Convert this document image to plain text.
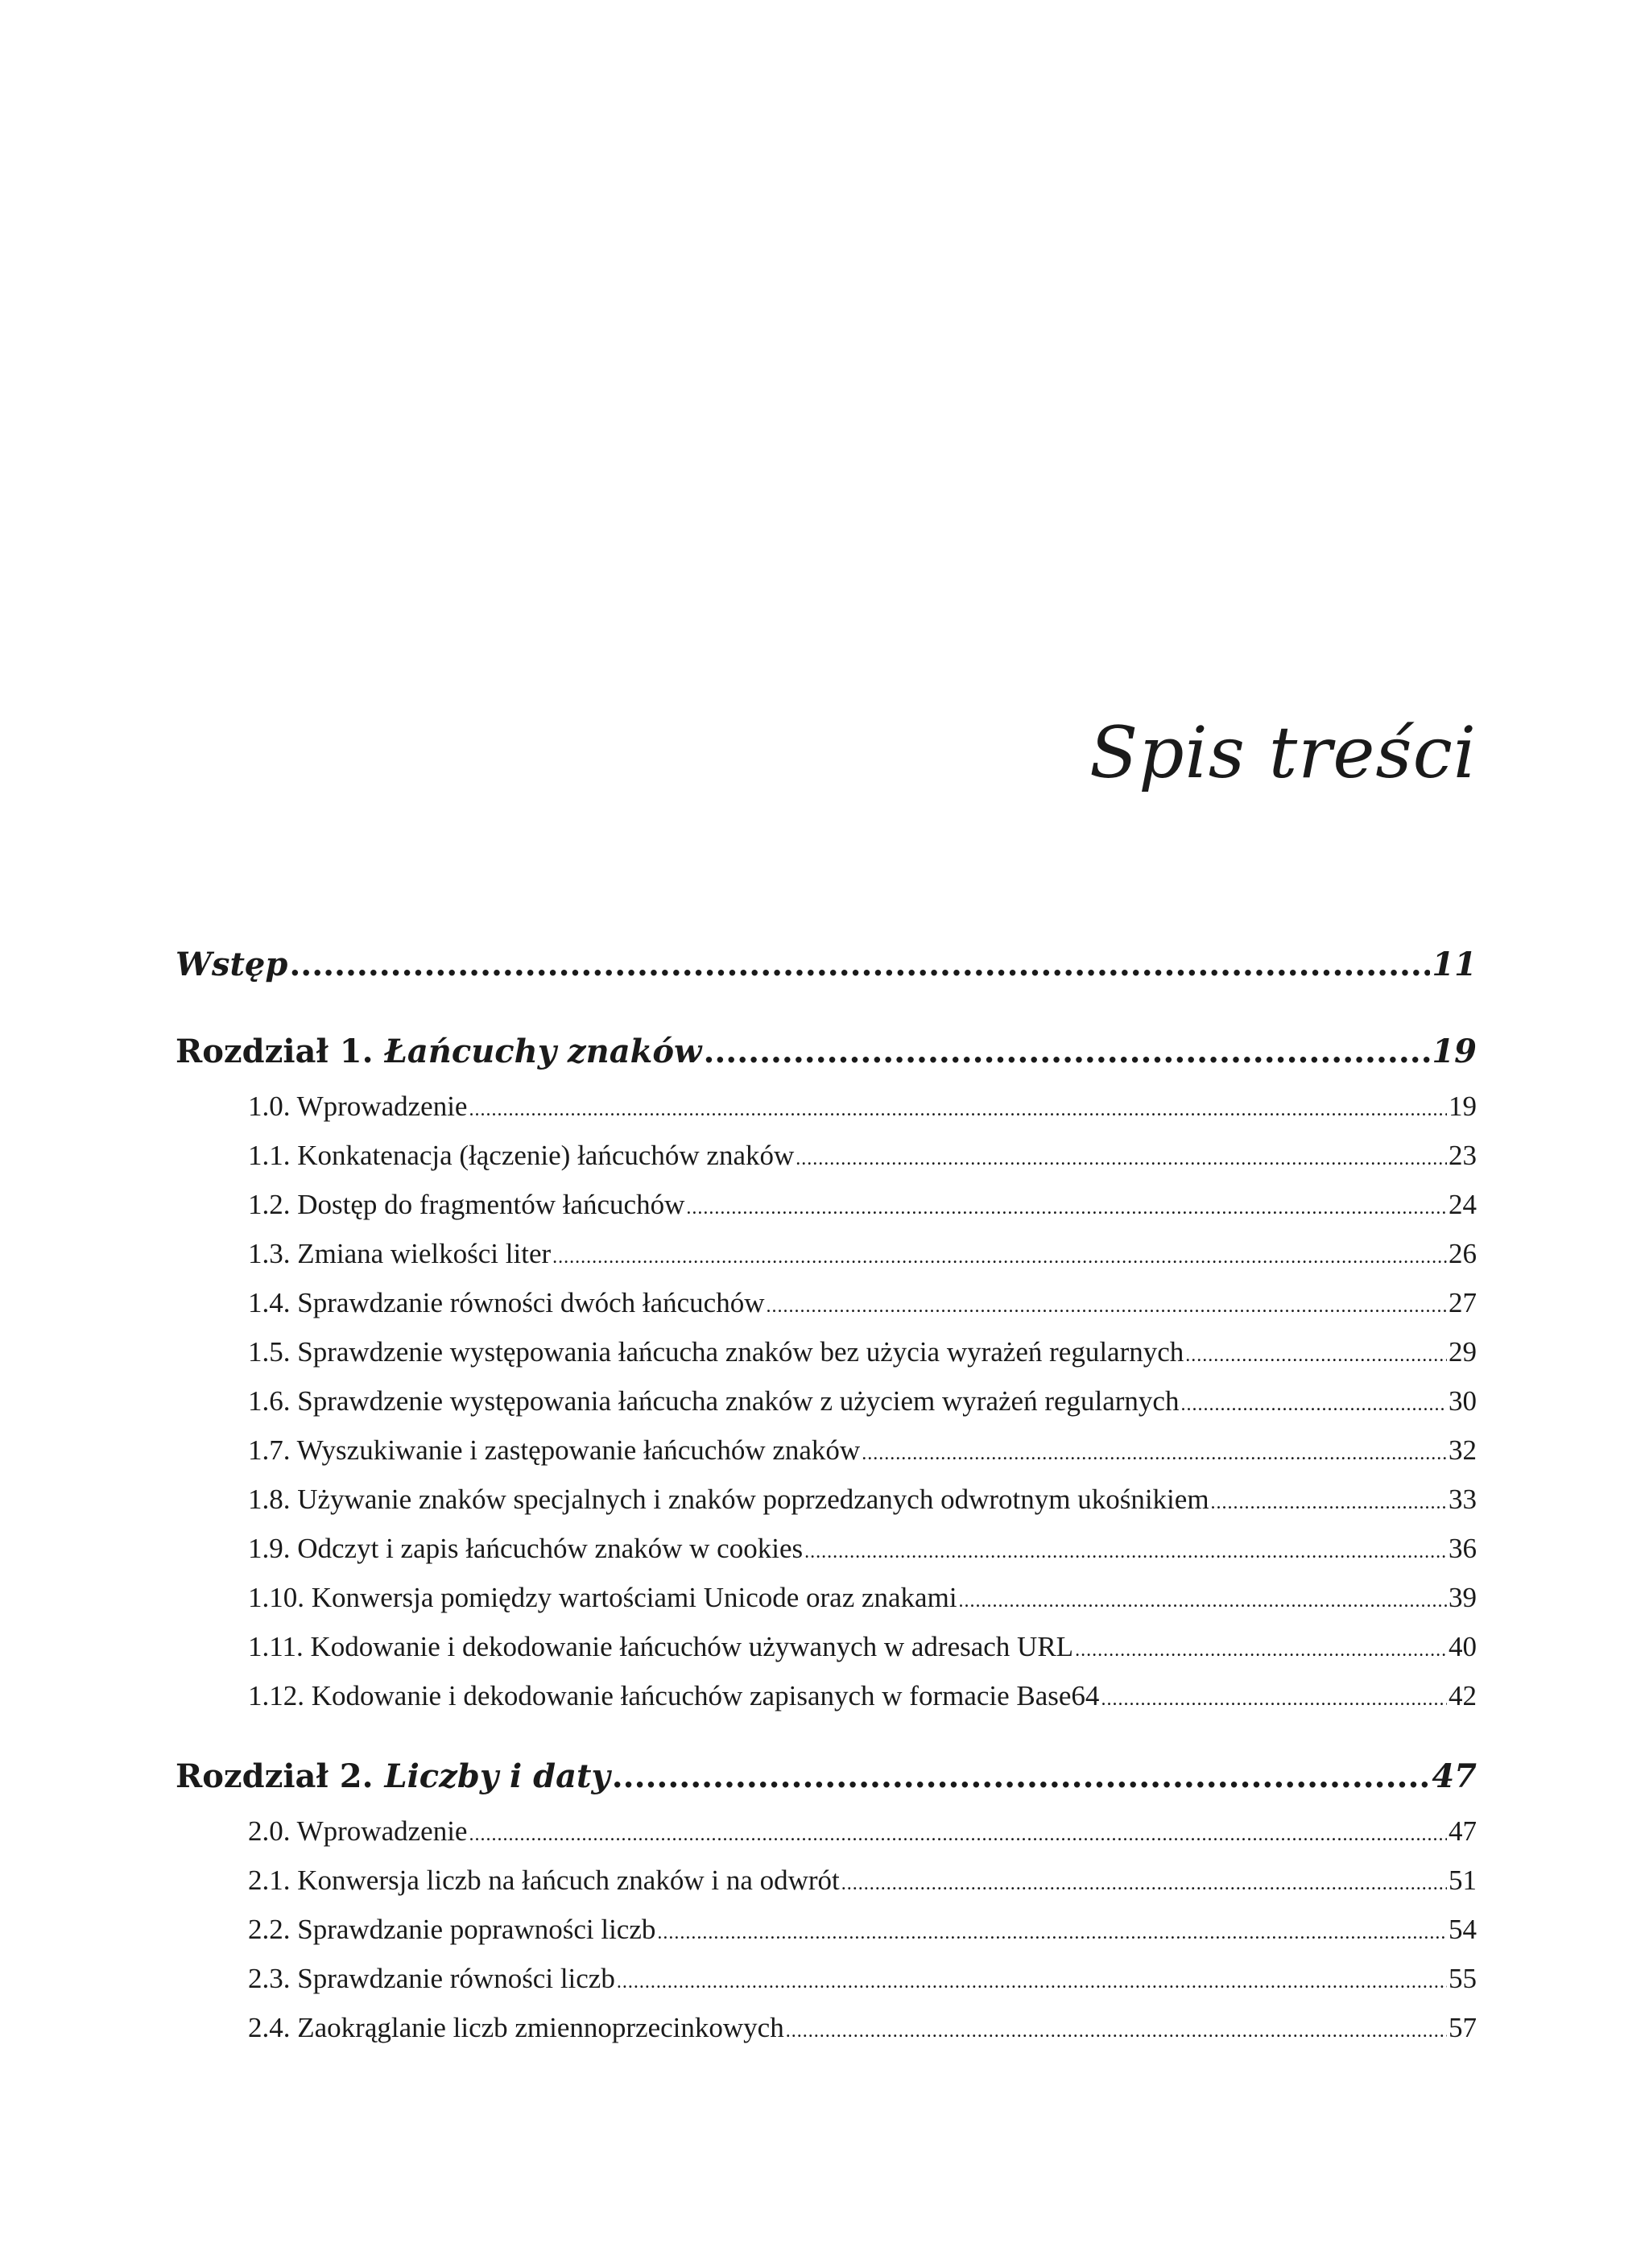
Spis treści
Wstęp .....	11
Rozdział 1. Łańcuchy znaków .....	19
1.0. Wprowadzenie .....	19
1.1. Konkatenacja (łączenie) łańcuchów znaków .....	23
1.2. Dostęp do fragmentów łańcuchów .....	24
1.3. Zmiana wielkości liter .....	26
1.4. Sprawdzanie równości dwóch łańcuchów .....	27
1.5. Sprawdzenie występowania łańcucha znaków bez użycia wyrażeń regularnych .....	29
1.6. Sprawdzenie występowania łańcucha znaków z użyciem wyrażeń regularnych .....	30
1.7. Wyszukiwanie i zastępowanie łańcuchów znaków .....	32
1.8. Używanie znaków specjalnych i znaków poprzedzanych odwrotnym ukośnikiem .....	33
1.9. Odczyt i zapis łańcuchów znaków w cookies .....	36
1.10. Konwersja pomiędzy wartościami Unicode oraz znakami .....	39
1.11. Kodowanie i dekodowanie łańcuchów używanych w adresach URL .....	40
1.12. Kodowanie i dekodowanie łańcuchów zapisanych w formacie Base64 .....	42
Rozdział 2. Liczby i daty .....	47
2.0. Wprowadzenie .....	47
2.1. Konwersja liczb na łańcuch znaków i na odwrót .....	51
2.2. Sprawdzanie poprawności liczb .....	54
2.3. Sprawdzanie równości liczb .....	55
2.4. Zaokrąglanie liczb zmiennoprzecinkowych .....	57
